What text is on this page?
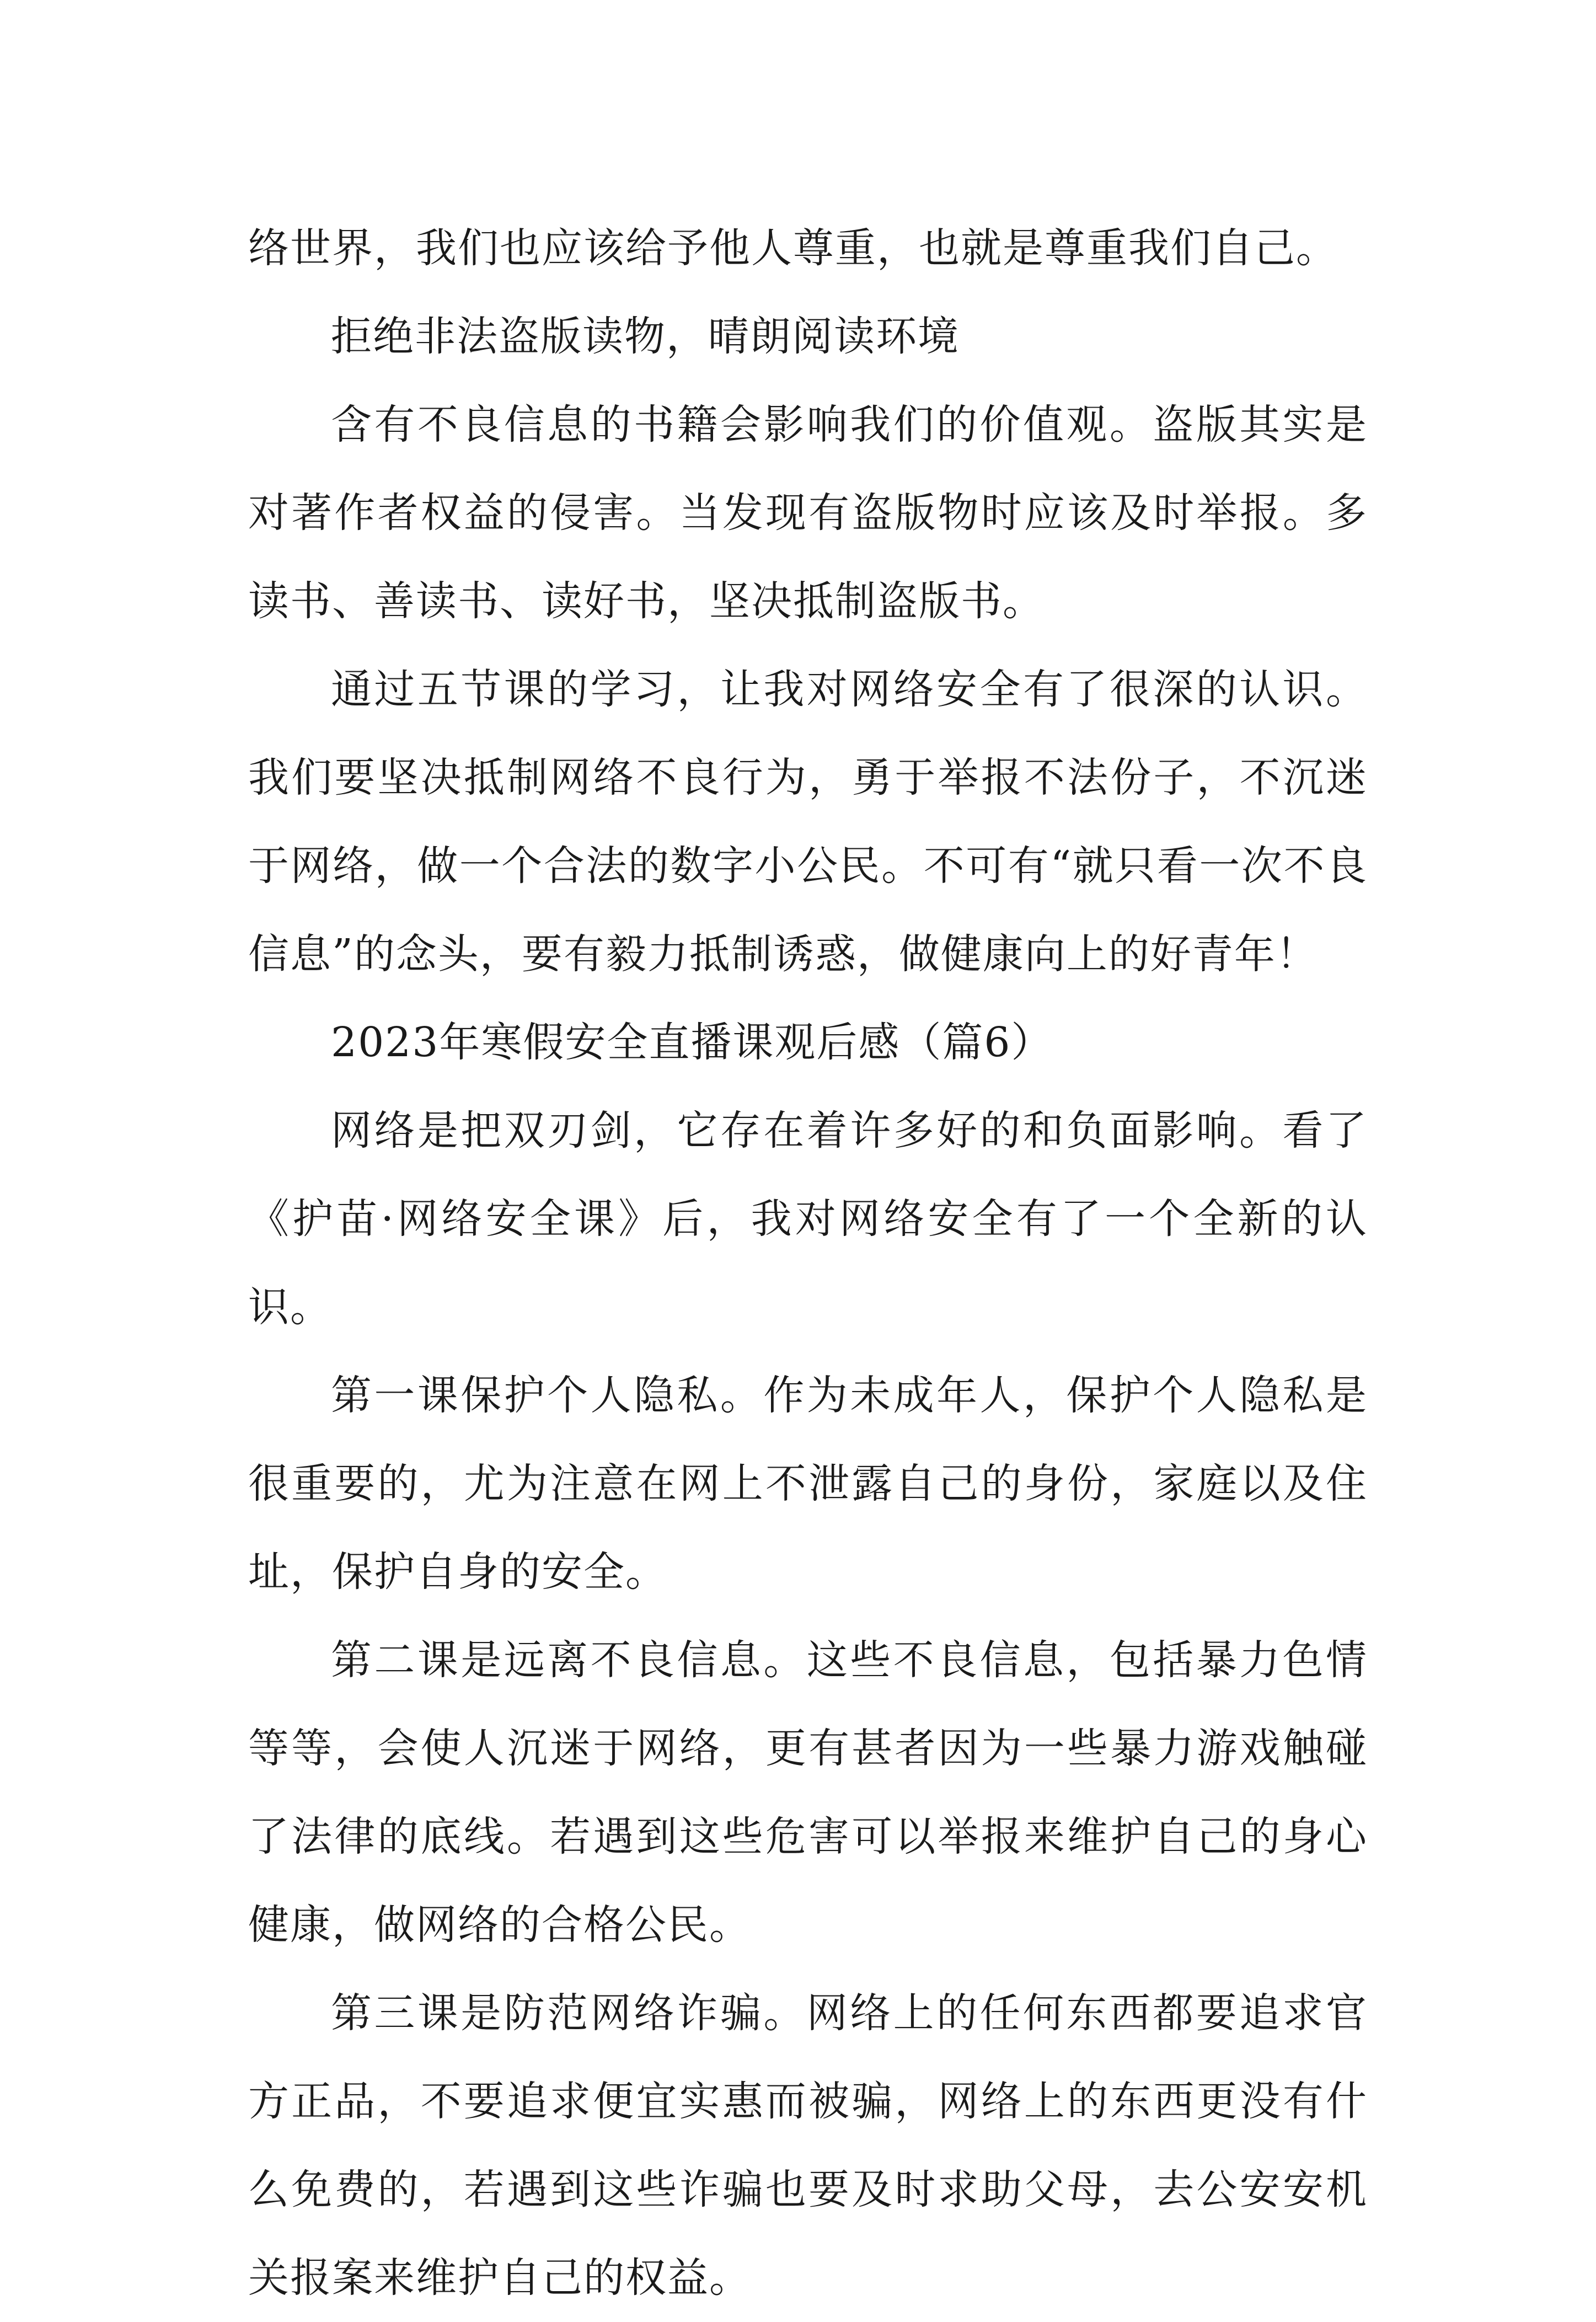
络世界，我们也应该给予他人尊重，也就是尊重我们自己。

拒绝非法盗版读物，晴朗阅读环境

含有不良信息的书籍会影响我们的价值观。盗版其实是对著作者权益的侵害。当发现有盗版物时应该及时举报。多读书、善读书、读好书，坚决抵制盗版书。

通过五节课的学习，让我对网络安全有了很深的认识。我们要坚决抵制网络不良行为，勇于举报不法份子，不沉迷于网络，做一个合法的数字小公民。不可有“就只看一次不良信息”的念头，要有毅力抵制诱惑，做健康向上的好青年！

2023年寒假安全直播课观后感（篇6）

网络是把双刃剑，它存在着许多好的和负面影响。看了《护苗·网络安全课》后，我对网络安全有了一个全新的认识。

第一课保护个人隐私。作为未成年人，保护个人隐私是很重要的，尤为注意在网上不泄露自己的身份，家庭以及住址，保护自身的安全。

第二课是远离不良信息。这些不良信息，包括暴力色情等等，会使人沉迷于网络，更有甚者因为一些暴力游戏触碰了法律的底线。若遇到这些危害可以举报来维护自己的身心健康，做网络的合格公民。

第三课是防范网络诈骗。网络上的任何东西都要追求官方正品，不要追求便宜实惠而被骗，网络上的东西更没有什么免费的，若遇到这些诈骗也要及时求助父母，去公安安机关报案来维护自己的权益。
